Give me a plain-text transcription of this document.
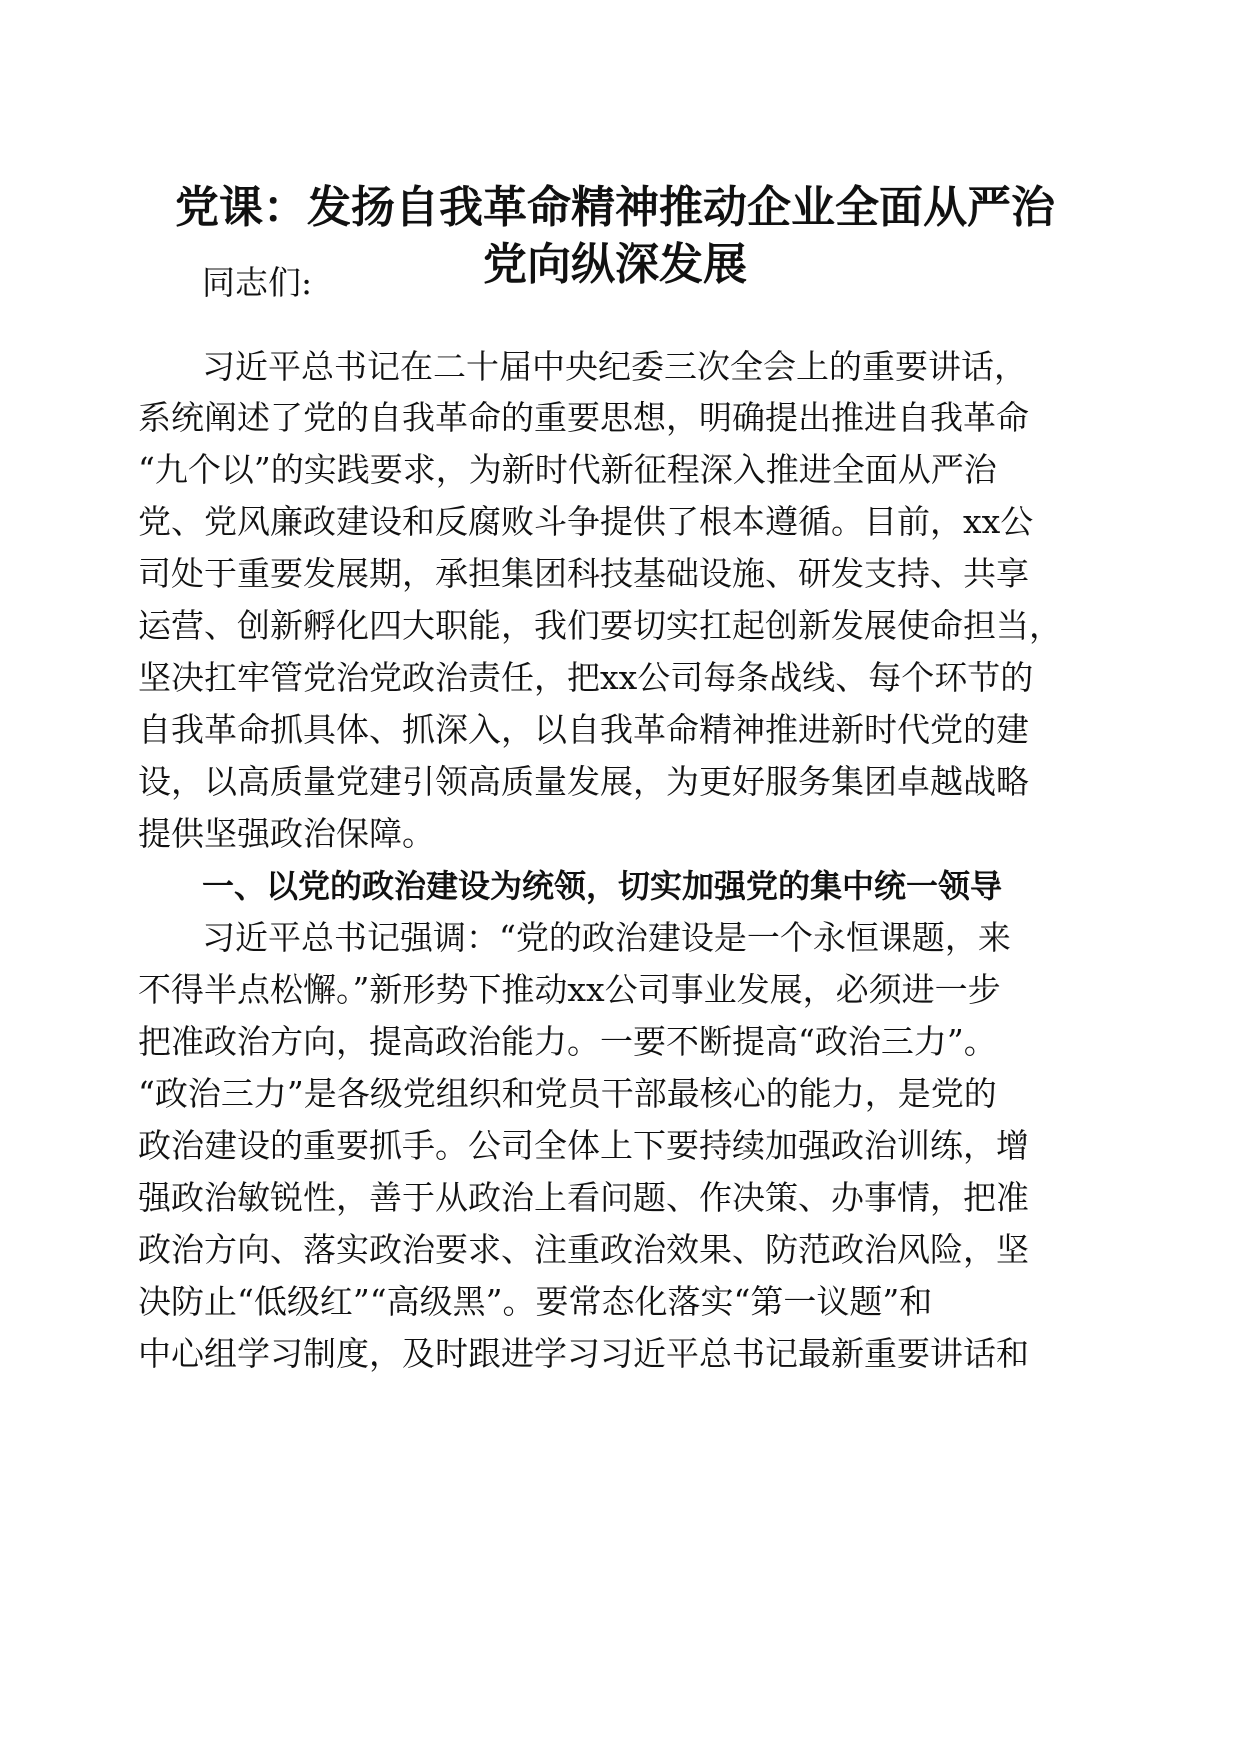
党课：发扬自我革命精神推动企业全面从严治
党向纵深发展

同志们:

习近平总书记在二十届中央纪委三次全会上的重要讲话，

系统阐述了党的自我革命的重要思想，明确提出推进自我革命

“九个以”的实践要求，为新时代新征程深入推进全面从严治

党、党风廉政建设和反腐败斗争提供了根本遵循。目前，xx公

司处于重要发展期，承担集团科技基础设施、研发支持、共享

运营、创新孵化四大职能，我们要切实扛起创新发展使命担当，

坚决扛牢管党治党政治责任，把xx公司每条战线、每个环节的

自我革命抓具体、抓深入，以自我革命精神推进新时代党的建

设，以高质量党建引领高质量发展，为更好服务集团卓越战略

提供坚强政治保障。

一、以党的政治建设为统领，切实加强党的集中统一领导

习近平总书记强调：“党的政治建设是一个永恒课题，来

不得半点松懈。”新形势下推动xx公司事业发展，必须进一步

把准政治方向，提高政治能力。一要不断提高“政治三力”。

“政治三力”是各级党组织和党员干部最核心的能力，是党的

政治建设的重要抓手。公司全体上下要持续加强政治训练，增

强政治敏锐性，善于从政治上看问题、作决策、办事情，把准

政治方向、落实政治要求、注重政治效果、防范政治风险，坚

决防止“低级红”“高级黑”。要常态化落实“第一议题”和

中心组学习制度，及时跟进学习习近平总书记最新重要讲话和
